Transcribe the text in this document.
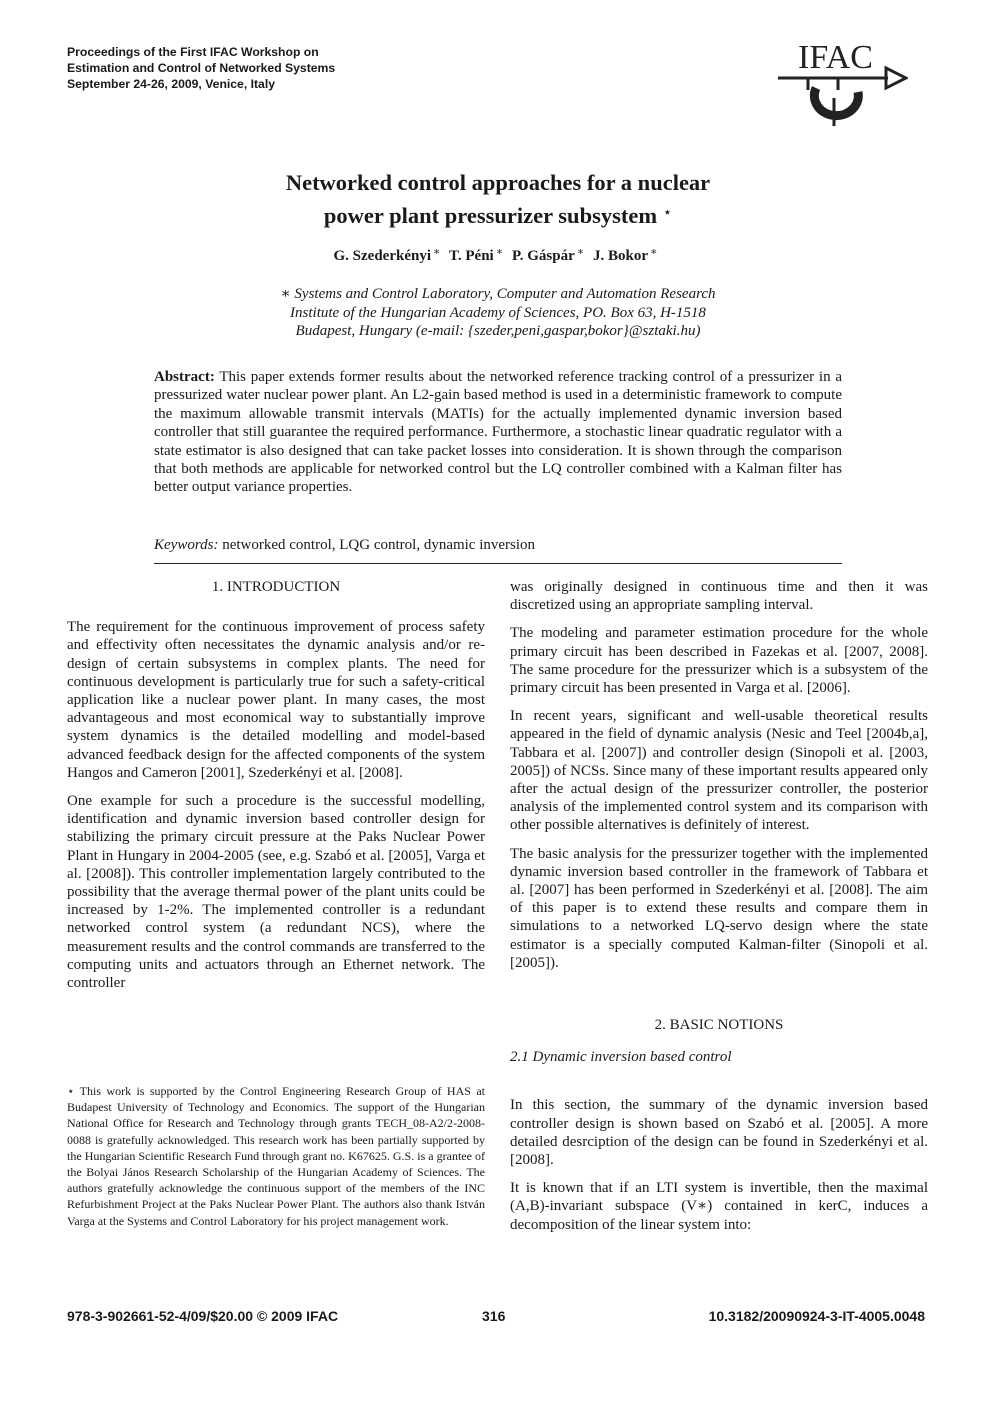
Proceedings of the First IFAC Workshop on
Estimation and Control of Networked Systems
September 24-26, 2009, Venice, Italy
IFAC
Networked control approaches for a nuclear
power plant pressurizer subsystem ⋆
G. Szederkényi ∗ T. Péni ∗ P. Gáspár ∗ J. Bokor ∗
∗ Systems and Control Laboratory, Computer and Automation Research
Institute of the Hungarian Academy of Sciences, PO. Box 63, H-1518
Budapest, Hungary (e-mail: {szeder,peni,gaspar,bokor}@sztaki.hu)
Abstract: This paper extends former results about the networked reference tracking control of a pressurizer in a pressurized water nuclear power plant. An L2-gain based method is used in a deterministic framework to compute the maximum allowable transmit intervals (MATIs) for the actually implemented dynamic inversion based controller that still guarantee the required performance. Furthermore, a stochastic linear quadratic regulator with a state estimator is also designed that can take packet losses into consideration. It is shown through the comparison that both methods are applicable for networked control but the LQ controller combined with a Kalman filter has better output variance properties.
Keywords: networked control, LQG control, dynamic inversion

1. INTRODUCTION

The requirement for the continuous improvement of process safety and effectivity often necessitates the dynamic analysis and/or re-design of certain subsystems in complex plants. The need for continuous development is particularly true for such a safety-critical application like a nuclear power plant. In many cases, the most advantageous and most economical way to substantially improve system dynamics is the detailed modelling and model-based advanced feedback design for the affected components of the system Hangos and Cameron [2001], Szederkényi et al. [2008].

One example for such a procedure is the successful modelling, identification and dynamic inversion based controller design for stabilizing the primary circuit pressure at the Paks Nuclear Power Plant in Hungary in 2004-2005 (see, e.g. Szabó et al. [2005], Varga et al. [2008]). This controller implementation largely contributed to the possibility that the average thermal power of the plant units could be increased by 1-2%. The implemented controller is a redundant networked control system (a redundant NCS), where the measurement results and the control commands are transferred to the computing units and actuators through an Ethernet network. The controller

⋆ This work is supported by the Control Engineering Research Group of HAS at Budapest University of Technology and Economics. The support of the Hungarian National Office for Research and Technology through grants TECH_08-A2/2-2008-0088 is gratefully acknowledged. This research work has been partially supported by the Hungarian Scientific Research Fund through grant no. K67625. G.S. is a grantee of the Bolyai János Research Scholarship of the Hungarian Academy of Sciences. The authors gratefully acknowledge the continuous support of the members of the INC Refurbishment Project at the Paks Nuclear Power Plant. The authors also thank István Varga at the Systems and Control Laboratory for his project management work.

was originally designed in continuous time and then it was discretized using an appropriate sampling interval.

The modeling and parameter estimation procedure for the whole primary circuit has been described in Fazekas et al. [2007, 2008]. The same procedure for the pressurizer which is a subsystem of the primary circuit has been presented in Varga et al. [2006].

In recent years, significant and well-usable theoretical results appeared in the field of dynamic analysis (Nesic and Teel [2004b,a], Tabbara et al. [2007]) and controller design (Sinopoli et al. [2003, 2005]) of NCSs. Since many of these important results appeared only after the actual design of the pressurizer controller, the posterior analysis of the implemented control system and its comparison with other possible alternatives is definitely of interest.

The basic analysis for the pressurizer together with the implemented dynamic inversion based controller in the framework of Tabbara et al. [2007] has been performed in Szederkényi et al. [2008]. The aim of this paper is to extend these results and compare them in simulations to a networked LQ-servo design where the state estimator is a specially computed Kalman-filter (Sinopoli et al. [2005]).

2. BASIC NOTIONS

2.1 Dynamic inversion based control

In this section, the summary of the dynamic inversion based controller design is shown based on Szabó et al. [2005]. A more detailed desrciption of the design can be found in Szederkényi et al. [2008].

It is known that if an LTI system is invertible, then the maximal (A,B)-invariant subspace (V∗) contained in kerC, induces a decomposition of the linear system into:

978-3-902661-52-4/09/$20.00 © 2009 IFAC	316	10.3182/20090924-3-IT-4005.0048
